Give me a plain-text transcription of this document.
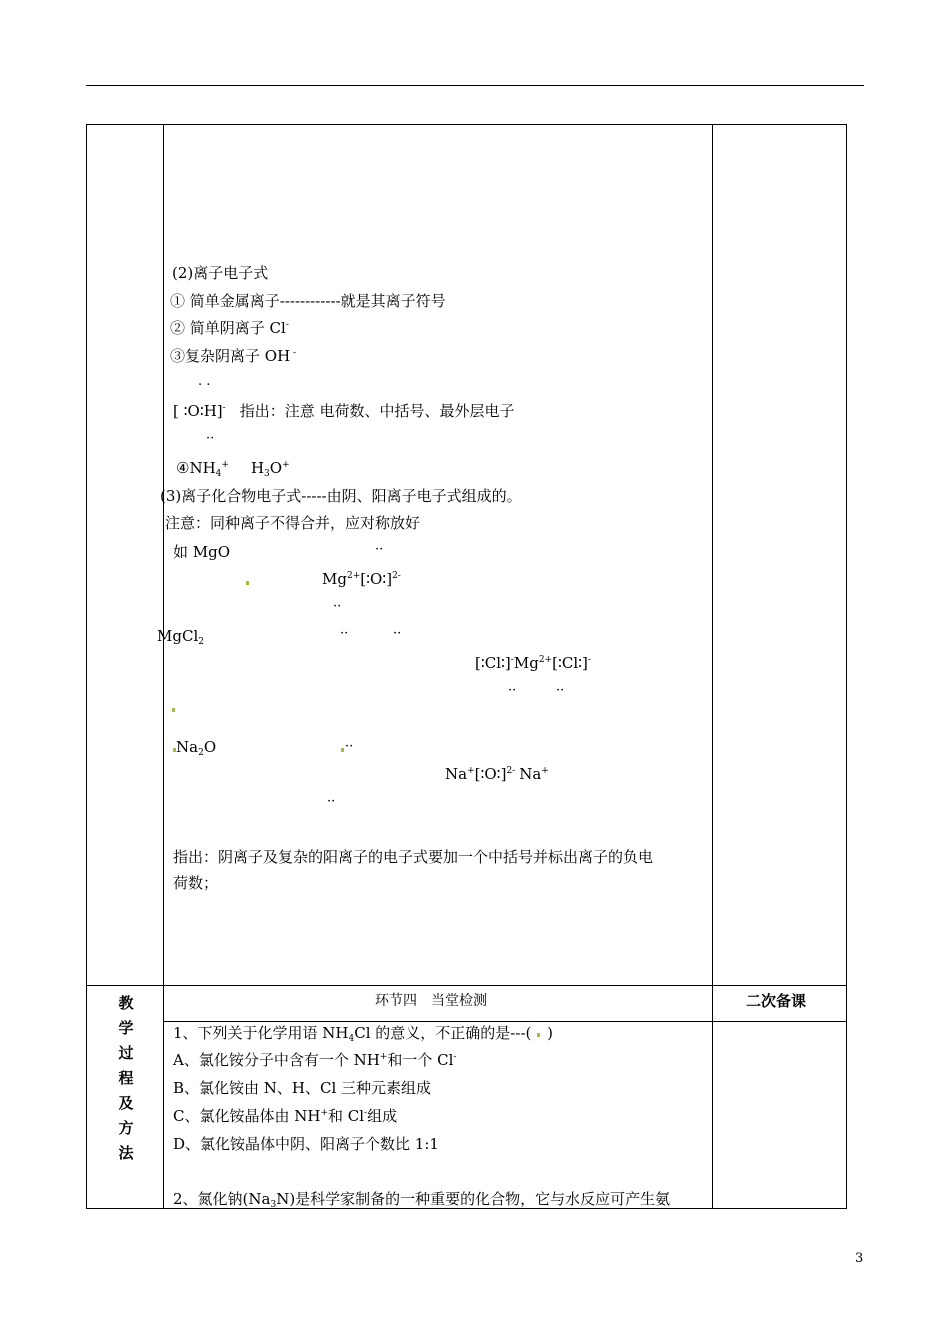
(2)离子电子式
① 简单金属离子------------就是其离子符号
② 简单阴离子 Cl-
③复杂阴离子 OH -
. .
[ ∶O∶H]- 指出：注意 电荷数、中括号、最外层电子
··
$④NH_4^+$ $H_3O^+$
(3)离子化合物电子式-----由阴、阳离子电子式组成的。
注意：同种离子不得合并，应对称放好
如 MgO	··
$Mg^{2+}[∶O∶]^{2-}$
··
MgCl$_2$
··	··
$[∶Cl∶]^-Mg^{2+}[∶Cl∶]^-$
··	··
$Na_2O$	··
Na+[∶O∶]$^{2-}$ Na+
··
指出：阴离子及复杂的阳离子的电子式要加一个中括号并标出离子的负电
荷数；
教
学
过
程
及
方
法
环节四　当堂检测	二次备课
1、下列关于化学用语 $NH_4Cl$ 的意义，不正确的是---( )
A、氯化铵分子中含有一个 NH+和一个 Cl-
B、氯化铵由 N、H、Cl 三种元素组成
C、氯化铵晶体由 NH+和 Cl-组成
D、氯化铵晶体中阴、阳离子个数比 1:1
2、氮化钠$(Na_3N)$是科学家制备的一种重要的化合物，它与水反应可产生氨
3
